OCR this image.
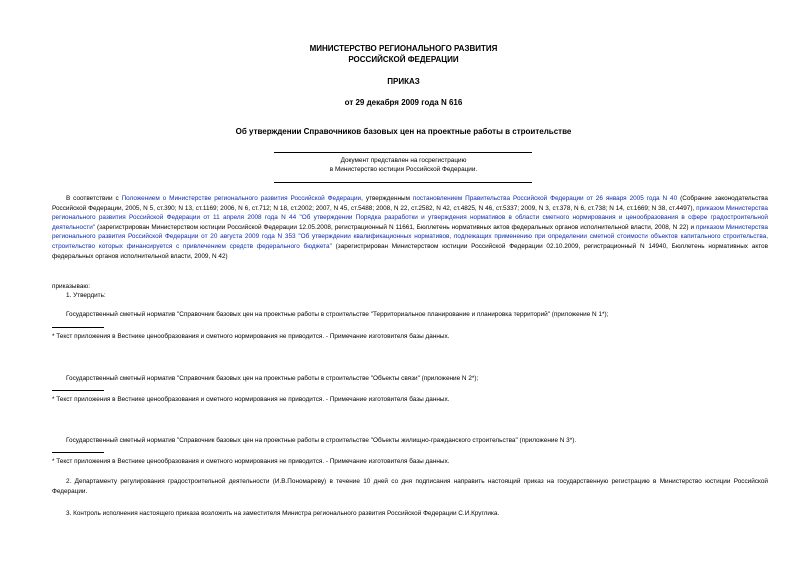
МИНИСТЕРСТВО РЕГИОНАЛЬНОГО РАЗВИТИЯ
РОССИЙСКОЙ ФЕДЕРАЦИИ
ПРИКАЗ
от 29 декабря 2009 года N 616
Об утверждении Справочников базовых цен на проектные работы в строительстве
Документ представлен на госрегистрацию
в Министерство юстиции Российской Федерации.
В соответствии с Положением о Министерстве регионального развития Российской Федерации, утвержденным постановлением Правительства Российской Федерации от 26 января 2005 года N 40 (Собрание законодательства Российской Федерации, 2005, N 5, ст.390; N 13, ст.1169; 2006, N 6, ст.712; N 18, ст.2002; 2007, N 45, ст.5488; 2008, N 22, ст.2582, N 42, ст.4825, N 46, ст.5337; 2009, N 3, ст.378, N 6, ст.738; N 14, ст.1669; N 38, ст.4497), приказом Министерства регионального развития Российской Федерации от 11 апреля 2008 года N 44 "Об утверждении Порядка разработки и утверждения нормативов в области сметного нормирования и ценообразования в сфере градостроительной деятельности" (зарегистрирован Министерством юстиции Российской Федерации 12.05.2008, регистрационный N 11661, Бюллетень нормативных актов федеральных органов исполнительной власти, 2008, N 22) и приказом Министерства регионального развития Российской Федерации от 20 августа 2009 года N 353 "Об утверждении квалификационных нормативов, подлежащих применению при определении сметной стоимости объектов капитального строительства, строительство которых финансируется с привлечением средств федерального бюджета" (зарегистрирован Министерством юстиции Российской Федерации 02.10.2009, регистрационный N 14940, Бюллетень нормативных актов федеральных органов исполнительной власти, 2009, N 42)
приказываю:
1. Утвердить:
Государственный сметный норматив "Справочник базовых цен на проектные работы в строительстве "Территориальное планирование и планировка территорий" (приложение N 1*);
* Текст приложения в Вестнике ценообразования и сметного нормирования не приводится. - Примечание изготовителя базы данных.
Государственный сметный норматив "Справочник базовых цен на проектные работы в строительстве "Объекты связи" (приложение N 2*);
* Текст приложения в Вестнике ценообразования и сметного нормирования не приводится. - Примечание изготовителя базы данных.
Государственный сметный норматив "Справочник базовых цен на проектные работы в строительстве "Объекты жилищно-гражданского строительства" (приложение N 3*).
* Текст приложения в Вестнике ценообразования и сметного нормирования не приводится. - Примечание изготовителя базы данных.
2. Департаменту регулирования градостроительной деятельности (И.В.Пономареву) в течение 10 дней со дня подписания направить настоящий приказ на государственную регистрацию в Министерство юстиции Российской Федерации.
3. Контроль исполнения настоящего приказа возложить на заместителя Министра регионального развития Российской Федерации С.И.Круглика.
